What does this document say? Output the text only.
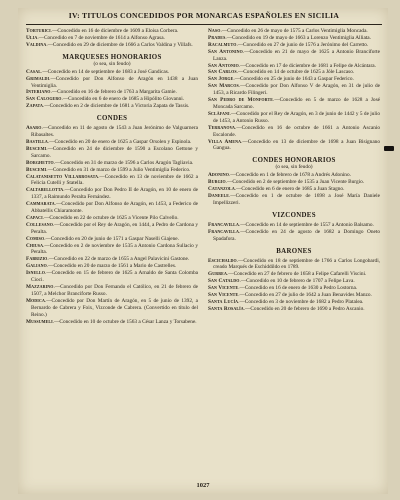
IV: TITULOS CONCEDIDOS POR MONARCAS ESPAÑOLES EN SICILIA
Torturici.—Concedido en 16 de diciembre de 1609 a Eloisa Corbera.
Ulia.—Concedido en 7 de noviembre de 1614 a Alfonso Agrasa.
Valdina.—Concedido en 29 de diciembre de 1666 a Carlos Valdina y Villafs.
MARQUESES HONORARIOS
(o sea, sin feudo)
Casal.—Concedido en 14 de septiembre de 1683 a José Gandicas.
Grimaldi.—Concedido por Don Alfonso de Aragón en 1438 a Juan Ventimiglia.
Interiano.—Concedido en 16 de febrero de 1763 a Margarita Gamie.
San Calogero.—Concedido en 6 de enero de 1685 a Hipólito Giovanni.
Zapata.—Concedido en 2 de diciembre de 1681 a Victoria Zapata de Tassis.
CONDES
Asaro.—Concedido en 11 de agosto de 1543 a Juan Jerónimo de Valguarnera Ribasaltes.
Bastilla.—Concedido en 20 de enero de 1625 a Gaspar Orsolen y Espinola.
Buscemi.—Concedido en 24 de diciembre de 1590 a Escolano Gettone y Sarcamo.
Borghetto.—Concedido en 31 de marzo de 1596 a Carlos Aragón Tagliavia.
Buscemi.—Concedido en 31 de marzo de 1599 a Julio Ventimiglia Federico.
Calatanisetto Villarrosata.—Concedido en 13 de noviembre de 1662 a Felicia Cutelli y Statella.
Caltabellotta.—Concedido por Don Pedro II de Aragón, en 10 de enero de 1337, a Raimundo Peralta Fernández.
Cammarata.—Concedido por Don Alfonso de Aragón, en 1453, a Federico de Abbatellis Chiaramonte.
Capaci.—Concedido en 22 de octubre de 1625 a Vicente Pilo Calvello.
Collesano.—Concedido por el Rey de Aragón, en 1444, a Pedro de Cardona y Peralta.
Comiso.—Concedido en 20 de junio de 1571 a Gaspar Naselli Giajene.
Chiusa.—Concedido en 2 de noviembre de 1535 a Antonio Cardona Sullacio y Peralta.
Fabrizio.—Concedido en 22 de marzo de 1655 a Angel Palavicini Gastone.
Galiano.—Concedido en 20 de marzo de 1561 a Mario de Castrelles.
Isnello.—Concedido en 15 de febrero de 1625 a Arnaldo de Santa Colomba Cioci.
Mazzarino.—Concedido por Don Fernando el Católico, en 21 de febrero de 1507, a Melchor Branciforte Russo.
Modica.—Concedido por Don Martín de Aragón, en 5 de junio de 1392, a Bernardo de Cabrera y Foix, Vizconde de Cabrera. (Convertido en título del Reino.)
Mussumeli.—Concedido en 10 de octubre de 1563 a César Lanza y Torsabene.
Naso.—Concedido en 26 de mayo de 1575 a Carlos Ventimiglia Moncada.
Prades.—Concedido en 19 de mayo de 1663 a Lorenzo Ventimiglia Alliata.
Racalmuto.—Concedido en 27 de junio de 1576 a Jerónimo del Carretto.
San Antonino.—Concedido en 21 de mayo de 1625 a Antonio Branciforte Lanza.
San Antonio.—Concedido en 17 de diciembre de 1681 a Felipe de Alcántara.
San Carlos.—Concedido en 14 de octubre de 1625 a Jóle Lascaso.
San Jorge.—Concedido en 25 de junio de 1643 a Gaspar Federico.
San Marcos.—Concedido por Don Alfonso V de Aragón, en 31 de julio de 1453, a Ricardo Filingeri.
San Pedro de Monforte.—Concedido en 5 de marzo de 1628 a José Moncada Sarcamo.
Sclàfani.—Concedido por el Rey de Aragón, en 3 de junio de 1442 y 5 de julio de 1453, a Antonio Russo.
Terranova.—Concedido en 16 de octubre de 1661 a Antonio Ascanio Escalonde.
Villa Amena.—Concedido en 13 de diciembre de 1698 a Juan Bisignano Gangua.
CONDES HONORARIOS
(o sea, sin feudo)
Adonino.—Concedido en 1 de febrero de 1678 a Andrés Adonino.
Burgio.—Concedido en 2 de septiembre de 1535 a Juan Vicente Burgio.
Catanzola.—Concedido en 6 de enero de 1685 a Juan Stagno.
Daneele.—Concedido en 1 de octubre de 1698 a José María Daniele Impellizzeri.
VIZCONDES
Francavilla.—Concedido en 14 de septiembre de 1557 a Antonio Balsamo.
Francavilla.—Concedido en 24 de agosto de 1682 a Domingo Oneto Spadafora.
BARONES
Escichaldo.—Concedido en 18 de septiembre de 1766 a Carlos Longobardi, creado Marqués de Eschiddildo en 1789.
Gurrea.—Concedido en 27 de febrero de 1658 a Felipe Cafarelli Viscini.
San Cataldo.—Concedido en 10 de febrero de 1707 a Felipe Lava.
San Vicente.—Concedido en 16 de enero de 1630 a Pedro Lostorna.
San Vicente.—Concedido en 27 de julio de 1642 a Juan Benavides Manzo.
Santa Lucía.—Concedido en 3 de noviembre de 1682 a Pedro Platalea.
Santa Rosalía.—Concedido en 20 de febrero de 1690 a Pedro Ascanio.
1027
